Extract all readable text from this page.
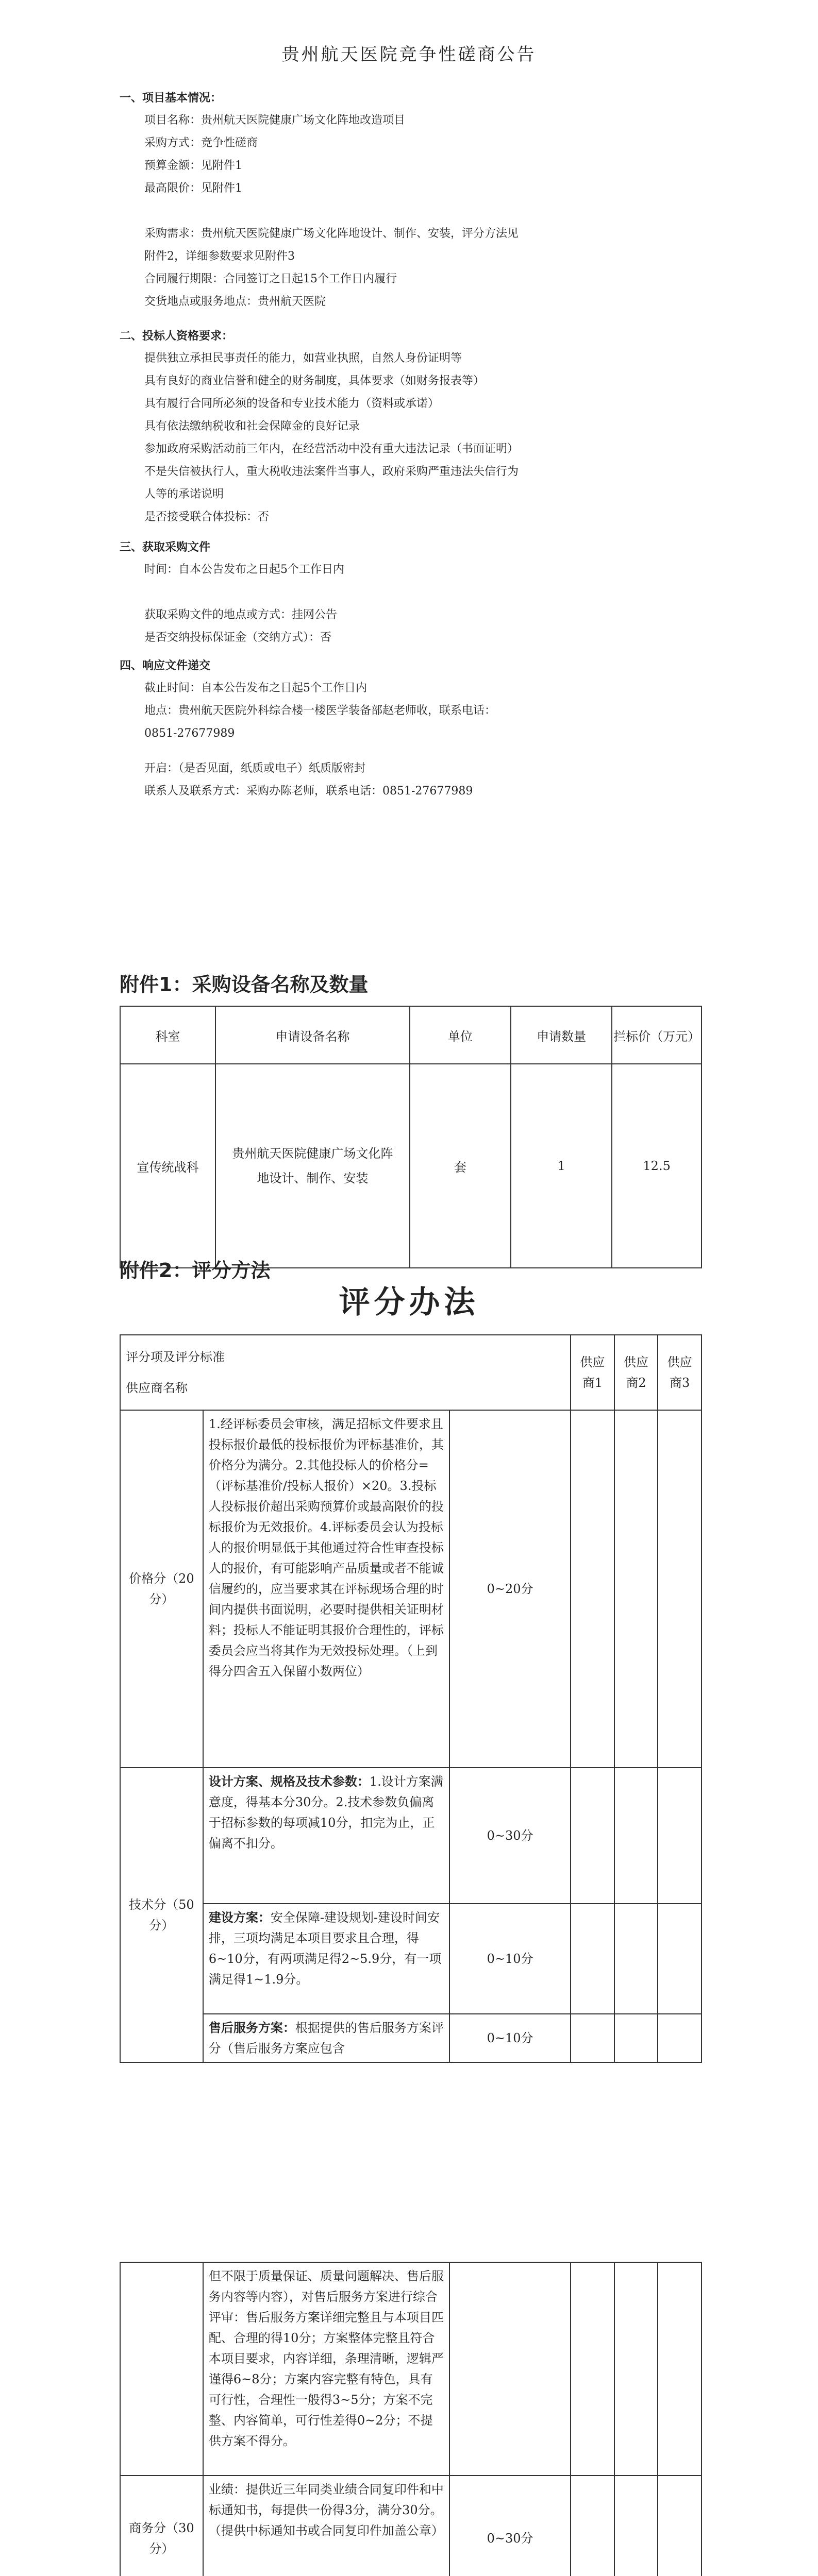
贵州航天医院竞争性磋商公告
一、项目基本情况：

项目名称：贵州航天医院健康广场文化阵地改造项目

采购方式：竞争性磋商

预算金额：见附件1

最高限价：见附件1

采购需求：贵州航天医院健康广场文化阵地设计、制作、安装，评分方法见

附件2，详细参数要求见附件3

合同履行期限：合同签订之日起15个工作日内履行

交货地点或服务地点：贵州航天医院

二、投标人资格要求：

提供独立承担民事责任的能力，如营业执照，自然人身份证明等

具有良好的商业信誉和健全的财务制度，具体要求（如财务报表等）

具有履行合同所必须的设备和专业技术能力（资料或承诺）

具有依法缴纳税收和社会保障金的良好记录

参加政府采购活动前三年内，在经营活动中没有重大违法记录（书面证明）

不是失信被执行人，重大税收违法案件当事人，政府采购严重违法失信行为

人等的承诺说明

是否接受联合体投标：否

三、获取采购文件

时间：自本公告发布之日起5个工作日内

获取采购文件的地点或方式：挂网公告

是否交纳投标保证金（交纳方式）：否

四、响应文件递交

截止时间：自本公告发布之日起5个工作日内

地点：贵州航天医院外科综合楼一楼医学装备部赵老师收，联系电话：

0851-27677989

开启：（是否见面，纸质或电子）纸质版密封

联系人及联系方式：采购办陈老师，联系电话：0851-27677989

附件1：采购设备名称及数量
科室	申请设备名称	单位	申请数量	拦标价（万元）
宣传统战科	贵州航天医院健康广场文化阵地设计、制作、安装	套	1	12.5
附件2：评分方法
评分办法
评分项及评分标准
供应商名称			供应商1	供应商2	供应商3
价格分（20分）	1.经评标委员会审核，满足招标文件要求且投标报价最低的投标报价为评标基准价，其价格分为满分。2.其他投标人的价格分=（评标基准价/投标人报价）×20。3.投标人投标报价超出采购预算价或最高限价的投标报价为无效报价。4.评标委员会认为投标人的报价明显低于其他通过符合性审查投标人的报价，有可能影响产品质量或者不能诚信履约的，应当要求其在评标现场合理的时间内提供书面说明，必要时提供相关证明材料；投标人不能证明其报价合理性的，评标委员会应当将其作为无效投标处理。（上到得分四舍五入保留小数两位）	0~20分			
技术分（50分）	设计方案、规格及技术参数：1.设计方案满意度，得基本分30分。2.技术参数负偏离于招标参数的每项减10分，扣完为止，正偏离不扣分。	0~30分			
	建设方案：安全保障-建设规划-建设时间安排，三项均满足本项目要求且合理，得6~10分，有两项满足得2~5.9分，有一项满足得1~1.9分。	0~10分			
	售后服务方案：根据提供的售后服务方案评分（售后服务方案应包含	0~10分			
	但不限于质量保证、质量问题解决、售后服务内容等内容），对售后服务方案进行综合评审：售后服务方案详细完整且与本项目匹配、合理的得10分；方案整体完整且符合本项目要求，内容详细，条理清晰，逻辑严谨得6~8分；方案内容完整有特色，具有可行性，合理性一般得3~5分；方案不完整、内容简单，可行性差得0~2分；不提供方案不得分。				
商务分（30分）	业绩：提供近三年同类业绩合同复印件和中标通知书，每提供一份得3分，满分30分。（提供中标通知书或合同复印件加盖公章）	0~30分			
